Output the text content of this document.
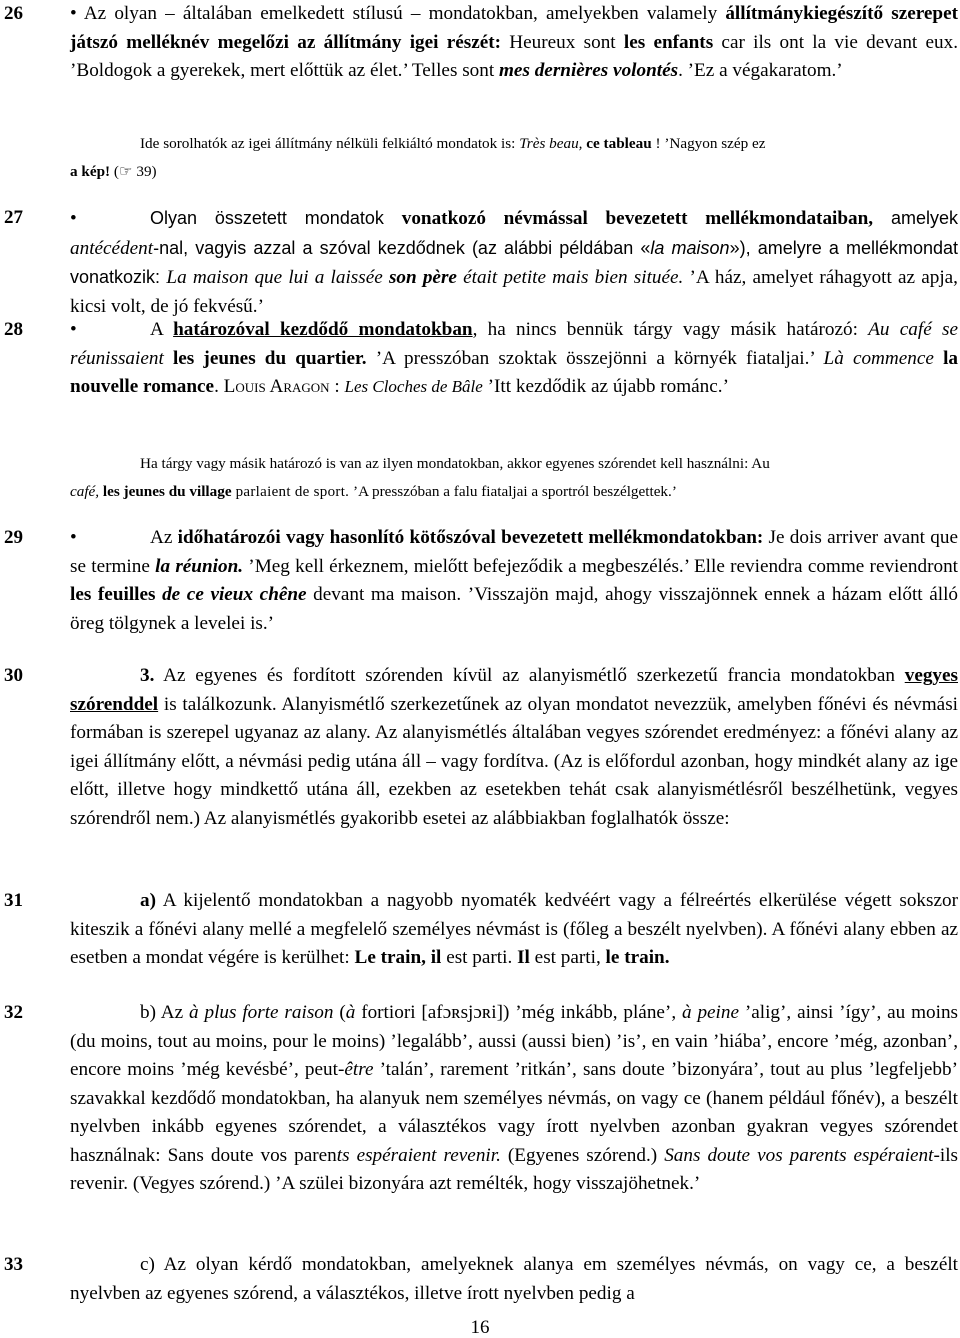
26 • Az olyan – általában emelkedett stílusú – mondatokban, amelyekben valamely állítmánykiegészítő szerepet játszó melléknév megelőzi az állítmány igei részét: Heureux sont les enfants car ils ont la vie devant eux. ’Boldogok a gyerekek, mert előttük az élet.’ Telles sont mes dernières volontés. ’Ez a végakaratom.’
Ide sorolhatók az igei állítmány nélküli felkiáltó mondatok is: Très beau, ce tableau ! ’Nagyon szép ez
a kép! (☞ 39)
27 •	Olyan összetett mondatok vonatkozó névmással bevezetett mellékmondataiban, amelyek antécédent-nal, vagyis azzal a szóval kezdődnek (az alábbi példában «la maison»), amelyre a mellékmondat vonatkozik: La maison que lui a laissée son père était petite mais bien située. ’A ház, amelyet ráhagyott az apja, kicsi volt, de jó fekvésű.’
28 •	A határozóval kezdődő mondatokban, ha nincs bennük tárgy vagy másik határozó: Au café se réunissaient les jeunes du quartier. ’A presszóban szoktak összejönni a környék fiataljai.’ Là commence la nouvelle romance. Louis Aragon : Les Cloches de Bâle ’Itt kezdődik az újabb románc.’
Ha tárgy vagy másik határozó is van az ilyen mondatokban, akkor egyenes szórendet kell használni: Au
café, les jeunes du village parlaient de sport. ’A presszóban a falu fiataljai a sportról beszélgettek.’
29 •	Az időhatározói vagy hasonlító kötőszóval bevezetett mellékmondatokban: Je dois arriver avant que se termine la réunion. ’Meg kell érkeznem, mielőtt befejeződik a megbeszélés.’ Elle reviendra comme reviendront les feuilles de ce vieux chêne devant ma maison. ’Visszajön majd, ahogy visszajönnek ennek a házam előtt álló öreg tölgynek a levelei is.’
30	3. Az egyenes és fordított szórenden kívül az alanyismétlő szerkezetű francia mondatokban vegyes szórenddel is találkozunk. Alanyismétlő szerkezetűnek az olyan mondatot nevezzük, amelyben főnévi és névmási formában is szerepel ugyanaz az alany. Az alanyismétlés általában vegyes szórendet eredményez: a főnévi alany az igei állítmány előtt, a névmási pedig utána áll – vagy fordítva. (Az is előfordul azonban, hogy mindkét alany az ige előtt, illetve hogy mindkettő utána áll, ezekben az esetekben tehát csak alanyismétlésről beszélhetünk, vegyes szórendről nem.) Az alanyismétlés gyakoribb esetei az alábbiakban foglalhatók össze:
31	a) A kijelentő mondatokban a nagyobb nyomaték kedvéért vagy a félreértés elkerülése végett sokszor kiteszik a főnévi alany mellé a megfelelő személyes névmást is (főleg a beszélt nyelvben). A főnévi alany ebben az esetben a mondat végére is kerülhet: Le train, il est parti. Il est parti, le train.
32	b) Az à plus forte raison (à fortiori [afɔʀsjɔʀi]) ’még inkább, pláne’, à peine ’alig’, ainsi ’így’, au moins (du moins, tout au moins, pour le moins) ’legalább’, aussi (aussi bien) ’is’, en vain ’hiába’, encore ’még, azonban’, encore moins ’még kevésbé’, peut-être ’talán’, rarement ’ritkán’, sans doute ’bizonyára’, tout au plus ’legfeljebb’ szavakkal kezdődő mondatokban, ha alanyuk nem személyes névmás, on vagy ce (hanem például főnév), a beszélt nyelvben inkább egyenes szórendet, a választékos vagy írott nyelvben azonban gyakran vegyes szórendet használnak: Sans doute vos parents espéraient revenir. (Egyenes szórend.) Sans doute vos parents espéraient-ils revenir. (Vegyes szórend.) ’A szülei bizonyára azt remélték, hogy visszajöhetnek.’
33	c) Az olyan kérdő mondatokban, amelyeknek alanya em személyes névmás, on vagy ce, a beszélt nyelvben az egyenes szórend, a választékos, illetve írott nyelvben pedig a
16
